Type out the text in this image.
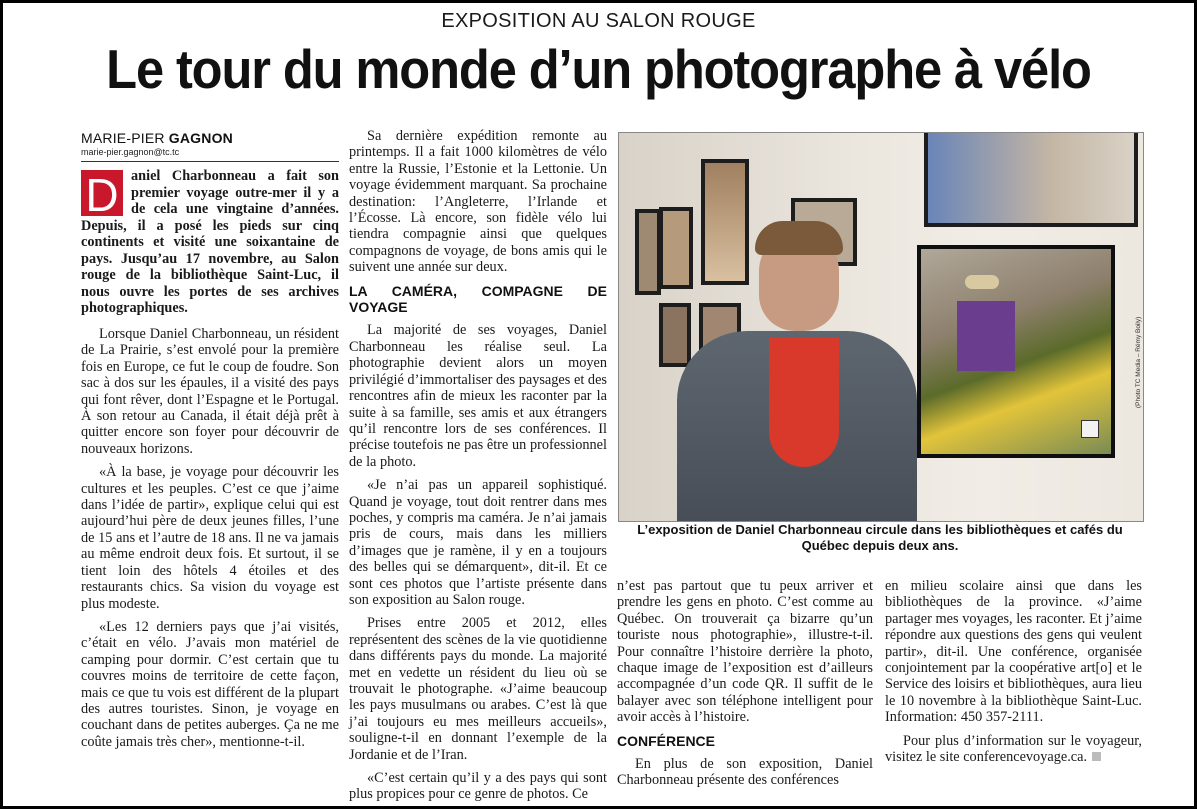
EXPOSITION AU SALON ROUGE
Le tour du monde d’un photographe à vélo
MARIE-PIER GAGNON
marie-pier.gagnon@tc.tc
D aniel Charbonneau a fait son premier voyage outre-mer il y a de cela une vingtaine d’années. Depuis, il a posé les pieds sur cinq continents et visité une soixantaine de pays. Jusqu’au 17 novembre, au Salon rouge de la bibliothèque Saint-Luc, il nous ouvre les portes de ses archives photographiques.

Lorsque Daniel Charbonneau, un résident de La Prairie, s’est envolé pour la première fois en Europe, ce fut le coup de foudre. Son sac à dos sur les épaules, il a visité des pays qui font rêver, dont l’Espagne et le Portugal. À son retour au Canada, il était déjà prêt à quitter encore son foyer pour découvrir de nouveaux horizons.

«À la base, je voyage pour découvrir les cultures et les peuples. C’est ce que j’aime dans l’idée de partir», explique celui qui est aujourd’hui père de deux jeunes filles, l’une de 15 ans et l’autre de 18 ans. Il ne va jamais au même endroit deux fois. Et surtout, il se tient loin des hôtels 4 étoiles et des restaurants chics. Sa vision du voyage est plus modeste.

«Les 12 derniers pays que j’ai visités, c’était en vélo. J’avais mon matériel de camping pour dormir. C’est certain que tu couvres moins de territoire de cette façon, mais ce que tu vois est différent de la plupart des autres touristes. Sinon, je voyage en couchant dans de petites auberges. Ça ne me coûte jamais très cher», mentionne-t-il.

Sa dernière expédition remonte au printemps. Il a fait 1000 kilomètres de vélo entre la Russie, l’Estonie et la Lettonie. Un voyage évidemment marquant. Sa prochaine destination: l’Angleterre, l’Irlande et l’Écosse. Là encore, son fidèle vélo lui tiendra compagnie ainsi que quelques compagnons de voyage, de bons amis qui le suivent une année sur deux.

LA CAMÉRA, COMPAGNE DE VOYAGE

La majorité de ses voyages, Daniel Charbonneau les réalise seul. La photographie devient alors un moyen privilégié d’immortaliser des paysages et des rencontres afin de mieux les raconter par la suite à sa famille, ses amis et aux étrangers qu’il rencontre lors de ses conférences. Il précise toutefois ne pas être un professionnel de la photo.

«Je n’ai pas un appareil sophistiqué. Quand je voyage, tout doit rentrer dans mes poches, y compris ma caméra. Je n’ai jamais pris de cours, mais dans les milliers d’images que je ramène, il y en a toujours des belles qui se démarquent», dit-il. Et ce sont ces photos que l’artiste présente dans son exposition au Salon rouge.

Prises entre 2005 et 2012, elles représentent des scènes de la vie quotidienne dans différents pays du monde. La majorité met en vedette un résident du lieu où se trouvait le photographe. «J’aime beaucoup les pays musulmans ou arabes. C’est là que j’ai toujours eu mes meilleurs accueils», souligne-t-il en donnant l’exemple de la Jordanie et de l’Iran.

«C’est certain qu’il y a des pays qui sont plus propices pour ce genre de photos. Ce

(Photo TC Media – Rémy Boily)
L’exposition de Daniel Charbonneau circule dans les bibliothèques et cafés du Québec depuis deux ans.

n’est pas partout que tu peux arriver et prendre les gens en photo. C’est comme au Québec. On trouverait ça bizarre qu’un touriste nous photographie», illustre-t-il. Pour connaître l’histoire derrière la photo, chaque image de l’exposition est d’ailleurs accompagnée d’un code QR. Il suffit de le balayer avec son téléphone intelligent pour avoir accès à l’histoire.

CONFÉRENCE

En plus de son exposition, Daniel Charbonneau présente des conférences

en milieu scolaire ainsi que dans les bibliothèques de la province. «J’aime partager mes voyages, les raconter. Et j’aime répondre aux questions des gens qui veulent partir», dit-il. Une conférence, organisée conjointement par la coopérative art[o] et le Service des loisirs et bibliothèques, aura lieu le 10 novembre à la bibliothèque Saint-Luc. Information: 450 357-2111.

Pour plus d’information sur le voyageur, visitez le site conferencevoyage.ca.
